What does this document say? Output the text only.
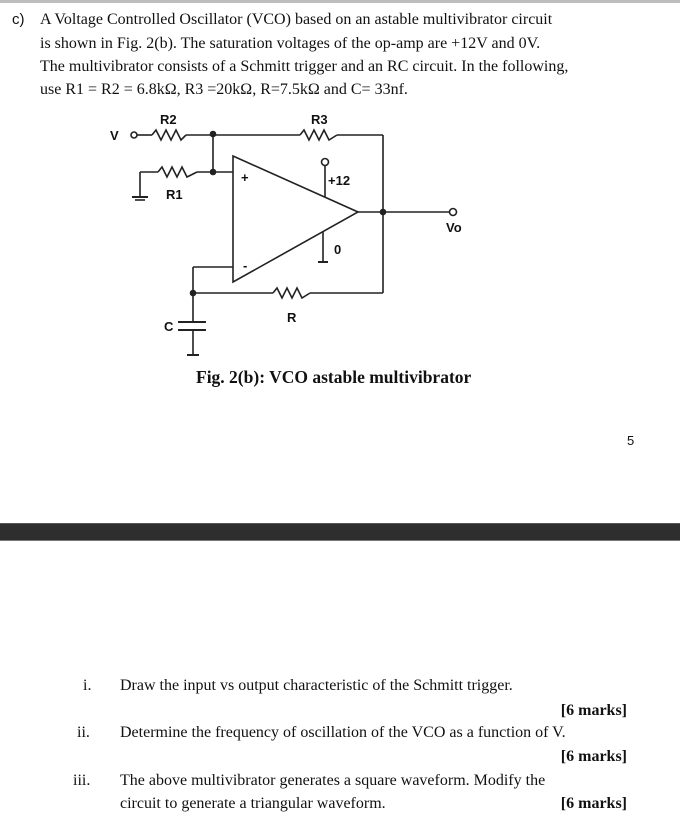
c) A Voltage Controlled Oscillator (VCO) based on an astable multivibrator circuit
is shown in Fig. 2(b). The saturation voltages of the op-amp are +12V and 0V.
The multivibrator consists of a Schmitt trigger and an RC circuit. In the following,
use R1 = R2 = 6.8kΩ, R3 =20kΩ, R=7.5kΩ and C= 33nf.
V
R2	R3
R1
+
-
+12
0
Vo
R
C
Fig. 2(b): VCO astable multivibrator
5
i. Draw the input vs output characteristic of the Schmitt trigger.
[6 marks]
ii. Determine the frequency of oscillation of the VCO as a function of V.
[6 marks]
iii. The above multivibrator generates a square waveform. Modify the
circuit to generate a triangular waveform.	[6 marks]
